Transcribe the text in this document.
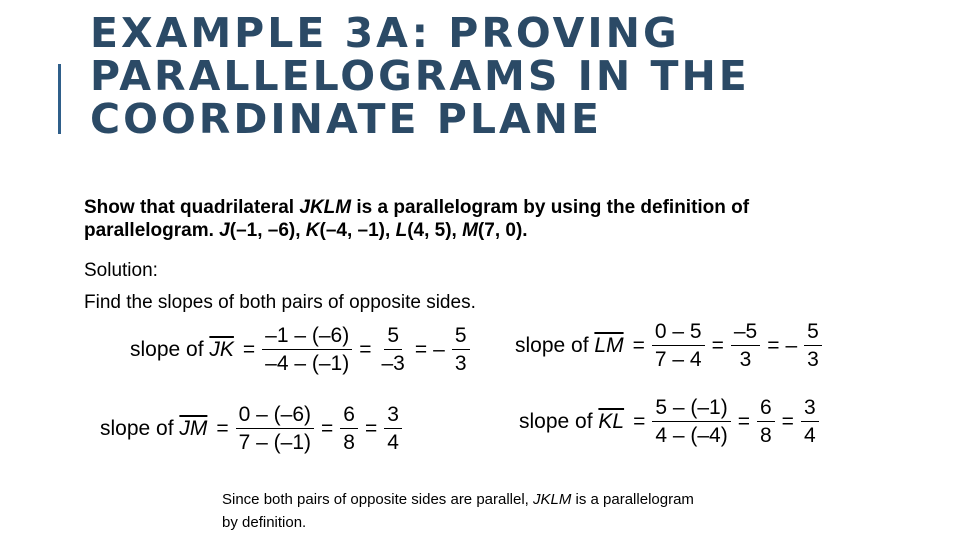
EXAMPLE 3A: PROVING
PARALLELOGRAMS IN THE
COORDINATE PLANE
Show that quadrilateral JKLM is a parallelogram by using the definition of parallelogram. J(–1, –6), K(–4, –1), L(4, 5), M(7, 0).
Solution:
Find the slopes of both pairs of opposite sides.
slope of $\overline{JK} = \frac{-1 - (-6)}{-4 - (-1)} = \frac{5}{-3}$ = – $\frac{5}{3}$ slope of $\overline{LM} = \frac{0 - 5}{7 - 4} = \frac{-5}{3}$ = – $\frac{5}{3}$
slope of $\overline{JM} = \frac{0 - (-6)}{7 - (-1)} = \frac{6}{8} = \frac{3}{4}$	slope of $\overline{KL} = \frac{5 - (-1)}{4 - (-4)} = \frac{6}{8} = \frac{3}{4}$
Since both pairs of opposite sides are parallel, JKLM is a parallelogram by definition.
